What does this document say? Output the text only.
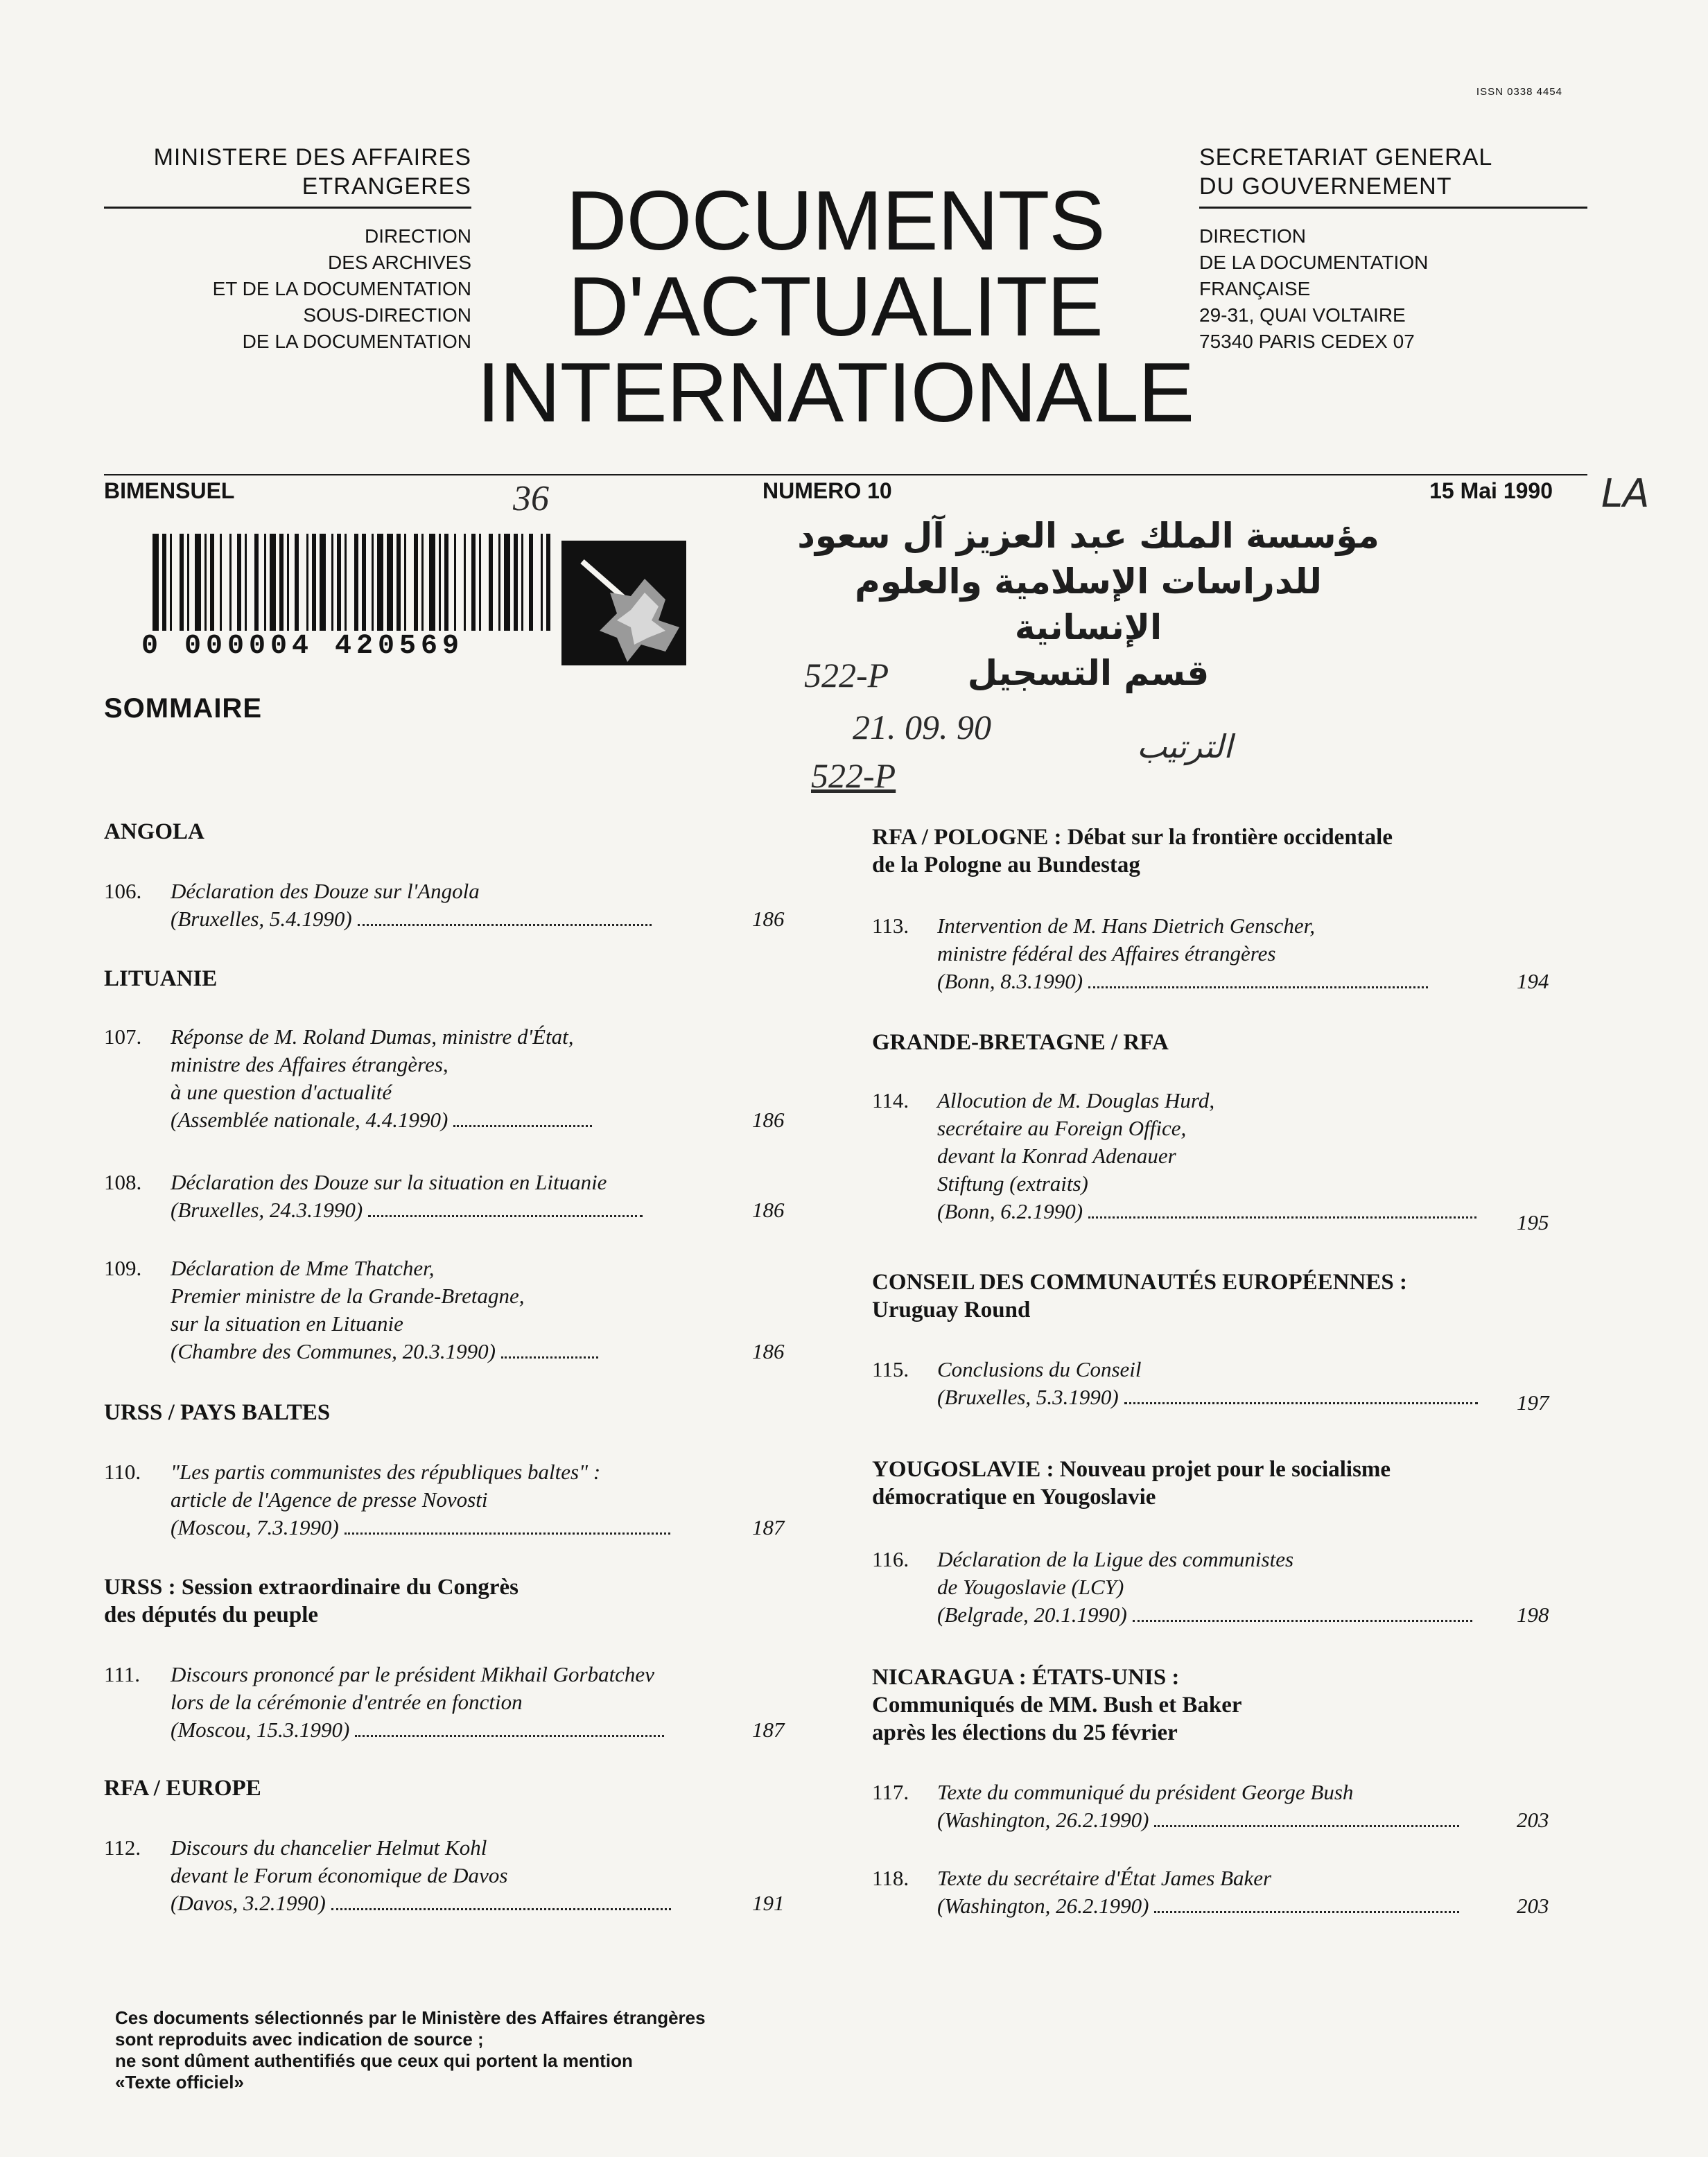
ISSN 0338 4454
MINISTERE DES AFFAIRES
ETRANGERES
DIRECTION
DES ARCHIVES
ET DE LA DOCUMENTATION
SOUS-DIRECTION
DE LA DOCUMENTATION
DOCUMENTS
D'ACTUALITE
INTERNATIONALE
SECRETARIAT GENERAL
DU GOUVERNEMENT
DIRECTION
DE LA DOCUMENTATION
FRANÇAISE
29-31, QUAI VOLTAIRE
75340 PARIS CEDEX 07
BIMENSUEL	NUMERO 10	15 Mai 1990
0 000004 420569
36	LA
مؤسسة الملك عبد العزيز آل سعود
للدراسات الإسلامية والعلوم الإنسانية
قسم التسجيل
522-P
21. 09. 90
522-P
الترتيب
SOMMAIRE
ANGOLA
106. Déclaration des Douze sur l'Angola
(Bruxelles, 5.4.1990)	186
LITUANIE
107. Réponse de M. Roland Dumas, ministre d'État,
ministre des Affaires étrangères,
à une question d'actualité
(Assemblée nationale, 4.4.1990)	186
108. Déclaration des Douze sur la situation en Lituanie
(Bruxelles, 24.3.1990)	186
109. Déclaration de Mme Thatcher,
Premier ministre de la Grande-Bretagne,
sur la situation en Lituanie
(Chambre des Communes, 20.3.1990)	186
URSS / PAYS BALTES
110. "Les partis communistes des républiques baltes" :
article de l'Agence de presse Novosti
(Moscou, 7.3.1990)	187
URSS : Session extraordinaire du Congrès
des députés du peuple
111. Discours prononcé par le président Mikhail Gorbatchev
lors de la cérémonie d'entrée en fonction
(Moscou, 15.3.1990)	187
RFA / EUROPE
112. Discours du chancelier Helmut Kohl
devant le Forum économique de Davos
(Davos, 3.2.1990)	191
RFA / POLOGNE : Débat sur la frontière occidentale
de la Pologne au Bundestag
113. Intervention de M. Hans Dietrich Genscher,
ministre fédéral des Affaires étrangères
(Bonn, 8.3.1990)	194
GRANDE-BRETAGNE / RFA
114. Allocution de M. Douglas Hurd,
secrétaire au Foreign Office,
devant la Konrad Adenauer
Stiftung (extraits)
(Bonn, 6.2.1990)	195
CONSEIL DES COMMUNAUTÉS EUROPÉENNES :
Uruguay Round
115. Conclusions du Conseil
(Bruxelles, 5.3.1990)	197
YOUGOSLAVIE : Nouveau projet pour le socialisme
démocratique en Yougoslavie
116. Déclaration de la Ligue des communistes
de Yougoslavie (LCY)
(Belgrade, 20.1.1990)	198
NICARAGUA : ÉTATS-UNIS :
Communiqués de MM. Bush et Baker
après les élections du 25 février
117. Texte du communiqué du président George Bush
(Washington, 26.2.1990)	203
118. Texte du secrétaire d'État James Baker
(Washington, 26.2.1990)	203
Ces documents sélectionnés par le Ministère des Affaires étrangères
sont reproduits avec indication de source ;
ne sont dûment authentifiés que ceux qui portent la mention
«Texte officiel»
